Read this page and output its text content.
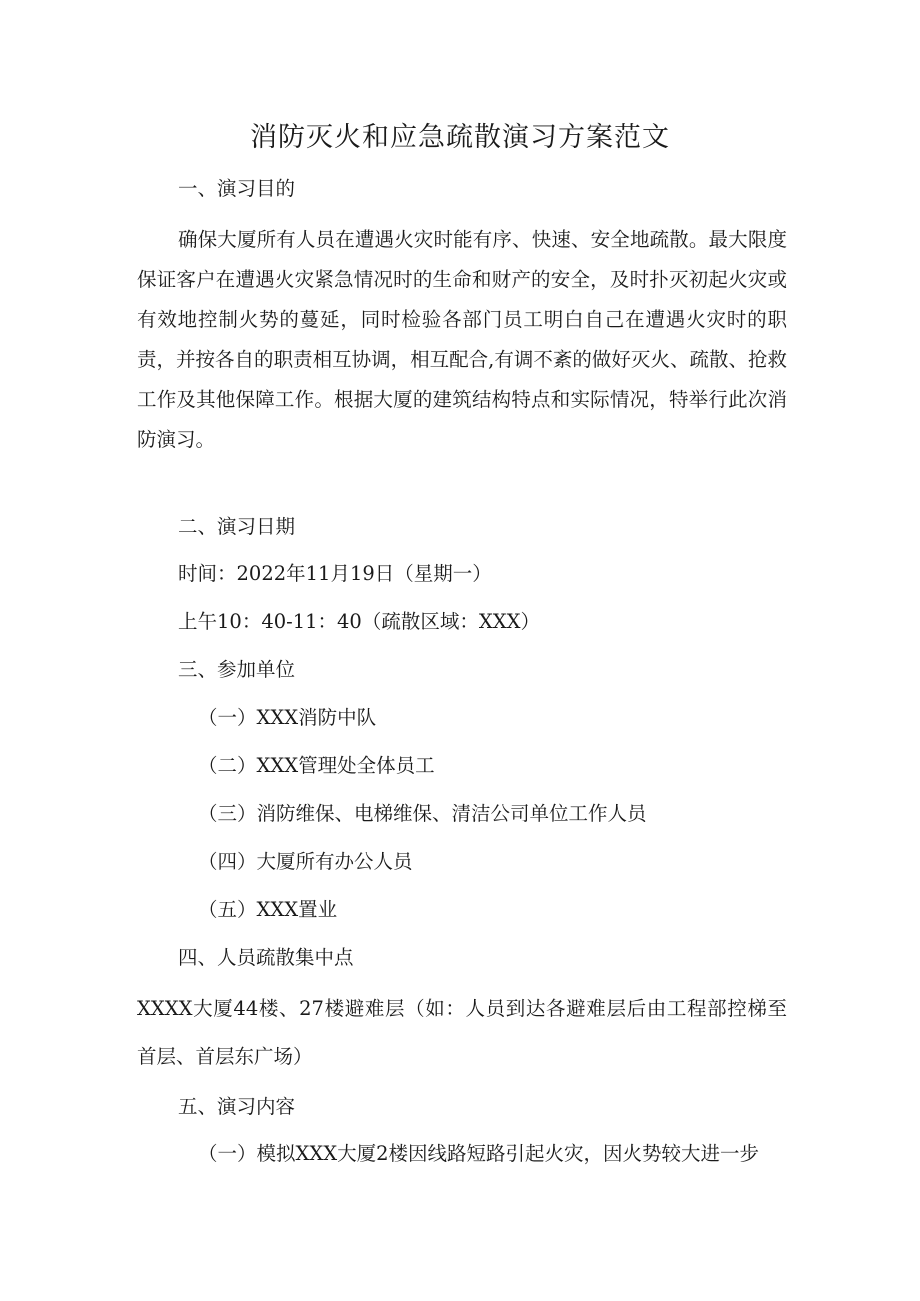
消防灭火和应急疏散演习方案范文
一、演习目的
确保大厦所有人员在遭遇火灾时能有序、快速、安全地疏散。最大限度保证客户在遭遇火灾紧急情况时的生命和财产的安全，及时扑灭初起火灾或有效地控制火势的蔓延，同时检验各部门员工明白自己在遭遇火灾时的职责，并按各自的职责相互协调，相互配合,有调不紊的做好灭火、疏散、抢救工作及其他保障工作。根据大厦的建筑结构特点和实际情况，特举行此次消防演习。
二、演习日期
时间：2022年11月19日（星期一）
上午10：40-11：40（疏散区域：XXX）
三、参加单位
（一）XXX消防中队
（二）XXX管理处全体员工
（三）消防维保、电梯维保、清洁公司单位工作人员
（四）大厦所有办公人员
（五）XXX置业
四、人员疏散集中点
XXXX大厦44楼、27楼避难层（如：人员到达各避难层后由工程部控梯至首层、首层东广场）
五、演习内容
（一）模拟XXX大厦2楼因线路短路引起火灾，因火势较大进一步
